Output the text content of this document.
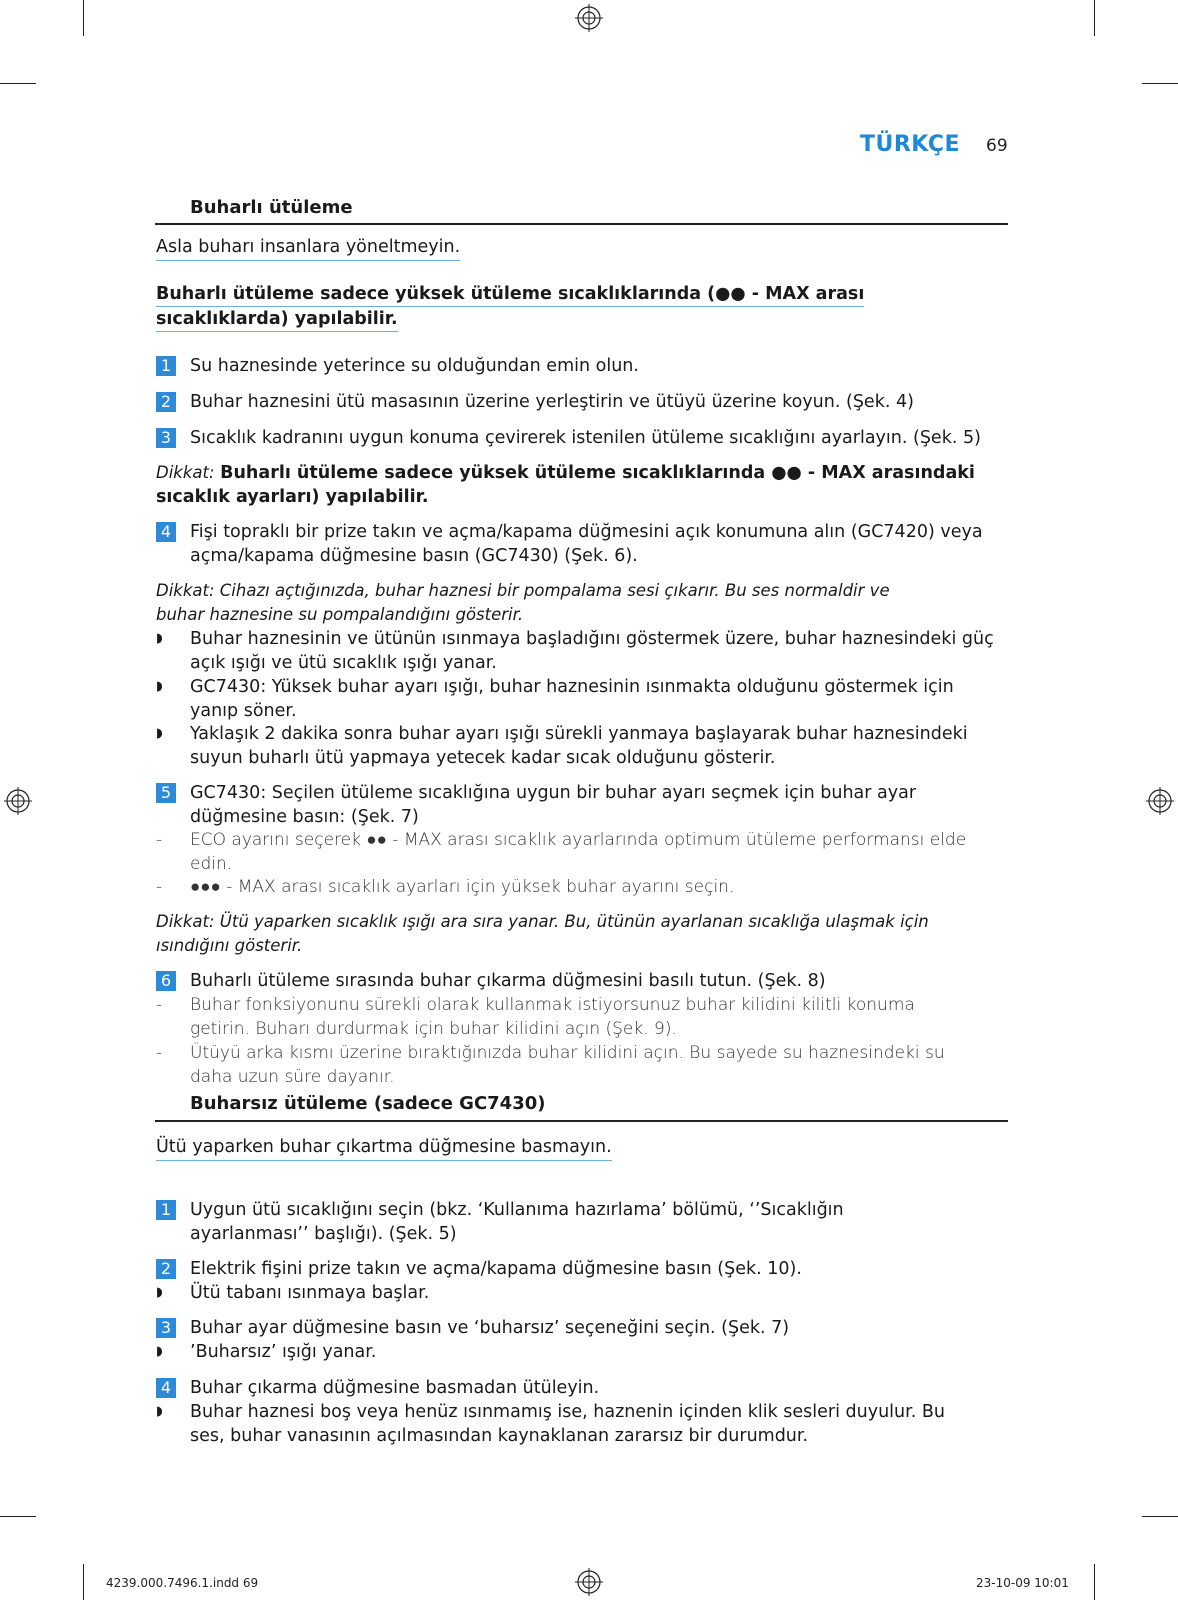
TÜRKÇE 69
Buharlı ütüleme
Asla buharı insanlara yöneltmeyin.
Buharlı ütüleme sadece yüksek ütüleme sıcaklıklarında (●● - MAX arası
sıcaklıklarda) yapılabilir.
1 Su haznesinde yeterince su olduğundan emin olun.
2 Buhar haznesini ütü masasının üzerine yerleştirin ve ütüyü üzerine koyun. (Şek. 4)
3 Sıcaklık kadranını uygun konuma çevirerek istenilen ütüleme sıcaklığını ayarlayın. (Şek. 5)
Dikkat: Buharlı ütüleme sadece yüksek ütüleme sıcaklıklarında ●● - MAX arasındaki sıcaklık ayarları) yapılabilir.
4 Fişi topraklı bir prize takın ve açma/kapama düğmesini açık konumuna alın (GC7420) veya açma/kapama düğmesine basın (GC7430) (Şek. 6).
Dikkat: Cihazı açtığınızda, buhar haznesi bir pompalama sesi çıkarır. Bu ses normaldir ve buhar haznesine su pompalandığını gösterir.
◗ Buhar haznesinin ve ütünün ısınmaya başladığını göstermek üzere, buhar haznesindeki güç açık ışığı ve ütü sıcaklık ışığı yanar.
◗ GC7430: Yüksek buhar ayarı ışığı, buhar haznesinin ısınmakta olduğunu göstermek için yanıp söner.
◗ Yaklaşık 2 dakika sonra buhar ayarı ışığı sürekli yanmaya başlayarak buhar haznesindeki suyun buharlı ütü yapmaya yetecek kadar sıcak olduğunu gösterir.
5 GC7430: Seçilen ütüleme sıcaklığına uygun bir buhar ayarı seçmek için buhar ayar düğmesine basın: (Şek. 7)
- ECO ayarını seçerek ●● - MAX arası sıcaklık ayarlarında optimum ütüleme performansı elde edin.
- ●●● - MAX arası sıcaklık ayarları için yüksek buhar ayarını seçin.
Dikkat: Ütü yaparken sıcaklık ışığı ara sıra yanar. Bu, ütünün ayarlanan sıcaklığa ulaşmak için ısındığını gösterir.
6 Buharlı ütüleme sırasında buhar çıkarma düğmesini basılı tutun. (Şek. 8)
- Buhar fonksiyonunu sürekli olarak kullanmak istiyorsunuz buhar kilidini kilitli konuma getirin. Buharı durdurmak için buhar kilidini açın (Şek. 9).
- Ütüyü arka kısmı üzerine bıraktığınızda buhar kilidini açın. Bu sayede su haznesindeki su daha uzun süre dayanır.
Buharsız ütüleme (sadece GC7430)
Ütü yaparken buhar çıkartma düğmesine basmayın.
1 Uygun ütü sıcaklığını seçin (bkz. ‘Kullanıma hazırlama’ bölümü, ‘’Sıcaklığın ayarlanması’’ başlığı). (Şek. 5)
2 Elektrik fişini prize takın ve açma/kapama düğmesine basın (Şek. 10).
◗ Ütü tabanı ısınmaya başlar.
3 Buhar ayar düğmesine basın ve ‘buharsız’ seçeneğini seçin. (Şek. 7)
◗ ’Buharsız’ ışığı yanar.
4 Buhar çıkarma düğmesine basmadan ütüleyin.
◗ Buhar haznesi boş veya henüz ısınmamış ise, haznenin içinden klik sesleri duyulur. Bu ses, buhar vanasının açılmasından kaynaklanan zararsız bir durumdur.
4239.000.7496.1.indd 69	23-10-09 10:01
